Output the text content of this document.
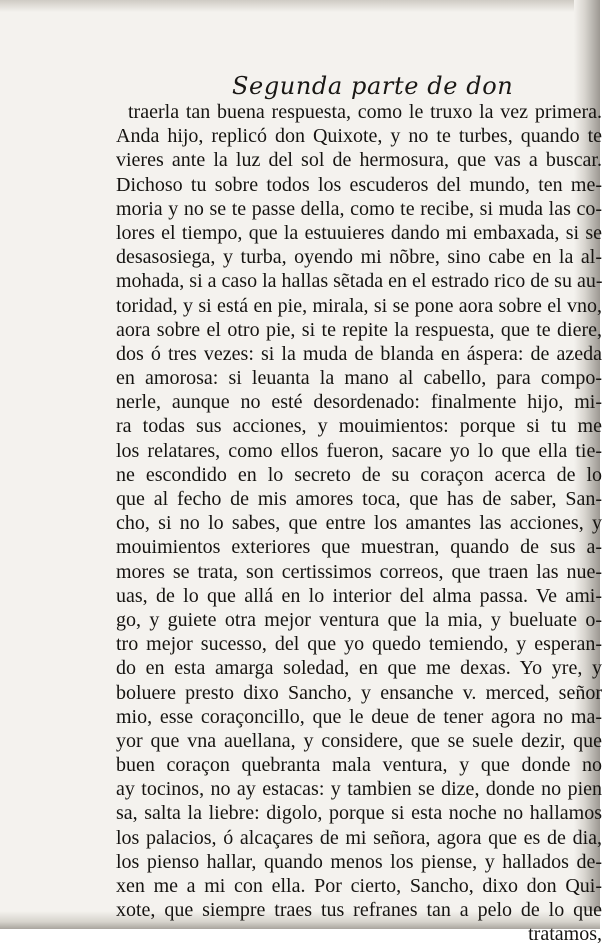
Segunda parte de don
traerla tan buena respuesta, como le truxo la vez primera.
Anda hijo, replicó don Quixote, y no te turbes, quando te
vieres ante la luz del sol de hermosura, que vas a buscar.
Dichoso tu sobre todos los escuderos del mundo, ten me-
moria y no se te passe della, como te recibe, si muda las co-
lores el tiempo, que la estuuieres dando mi embaxada, si se
desasosiega, y turba, oyendo mi nõbre, sino cabe en la al-
mohada, si a caso la hallas sẽtada en el estrado rico de su au-
toridad, y si está en pie, mirala, si se pone aora sobre el vno,
aora sobre el otro pie, si te repite la respuesta, que te diere,
dos ó tres vezes: si la muda de blanda en áspera: de azeda
en amorosa: si leuanta la mano al cabello, para compo-
nerle, aunque no esté desordenado: finalmente hijo, mi-
ra todas sus acciones, y mouimientos: porque si tu me
los relatares, como ellos fueron, sacare yo lo que ella tie-
ne escondido en lo secreto de su coraçon acerca de lo
que al fecho de mis amores toca, que has de saber, San-
cho, si no lo sabes, que entre los amantes las acciones, y
mouimientos exteriores que muestran, quando de sus a-
mores se trata, son certissimos correos, que traen las nue-
uas, de lo que allá en lo interior del alma passa. Ve ami-
go, y guiete otra mejor ventura que la mia, y bueluate o-
tro mejor sucesso, del que yo quedo temiendo, y esperan-
do en esta amarga soledad, en que me dexas. Yo yre, y
boluere presto dixo Sancho, y ensanche v. merced, señor
mio, esse coraçoncillo, que le deue de tener agora no ma-
yor que vna auellana, y considere, que se suele dezir, que
buen coraçon quebranta mala ventura, y que donde no
ay tocinos, no ay estacas: y tambien se dize, donde no pien
sa, salta la liebre: digolo, porque si esta noche no hallamos
los palacios, ó alcaçares de mi señora, agora que es de dia,
los pienso hallar, quando menos los piense, y hallados de-
xen me a mi con ella. Por cierto, Sancho, dixo don Qui-
xote, que siempre traes tus refranes tan a pelo de lo que
tratamos,
